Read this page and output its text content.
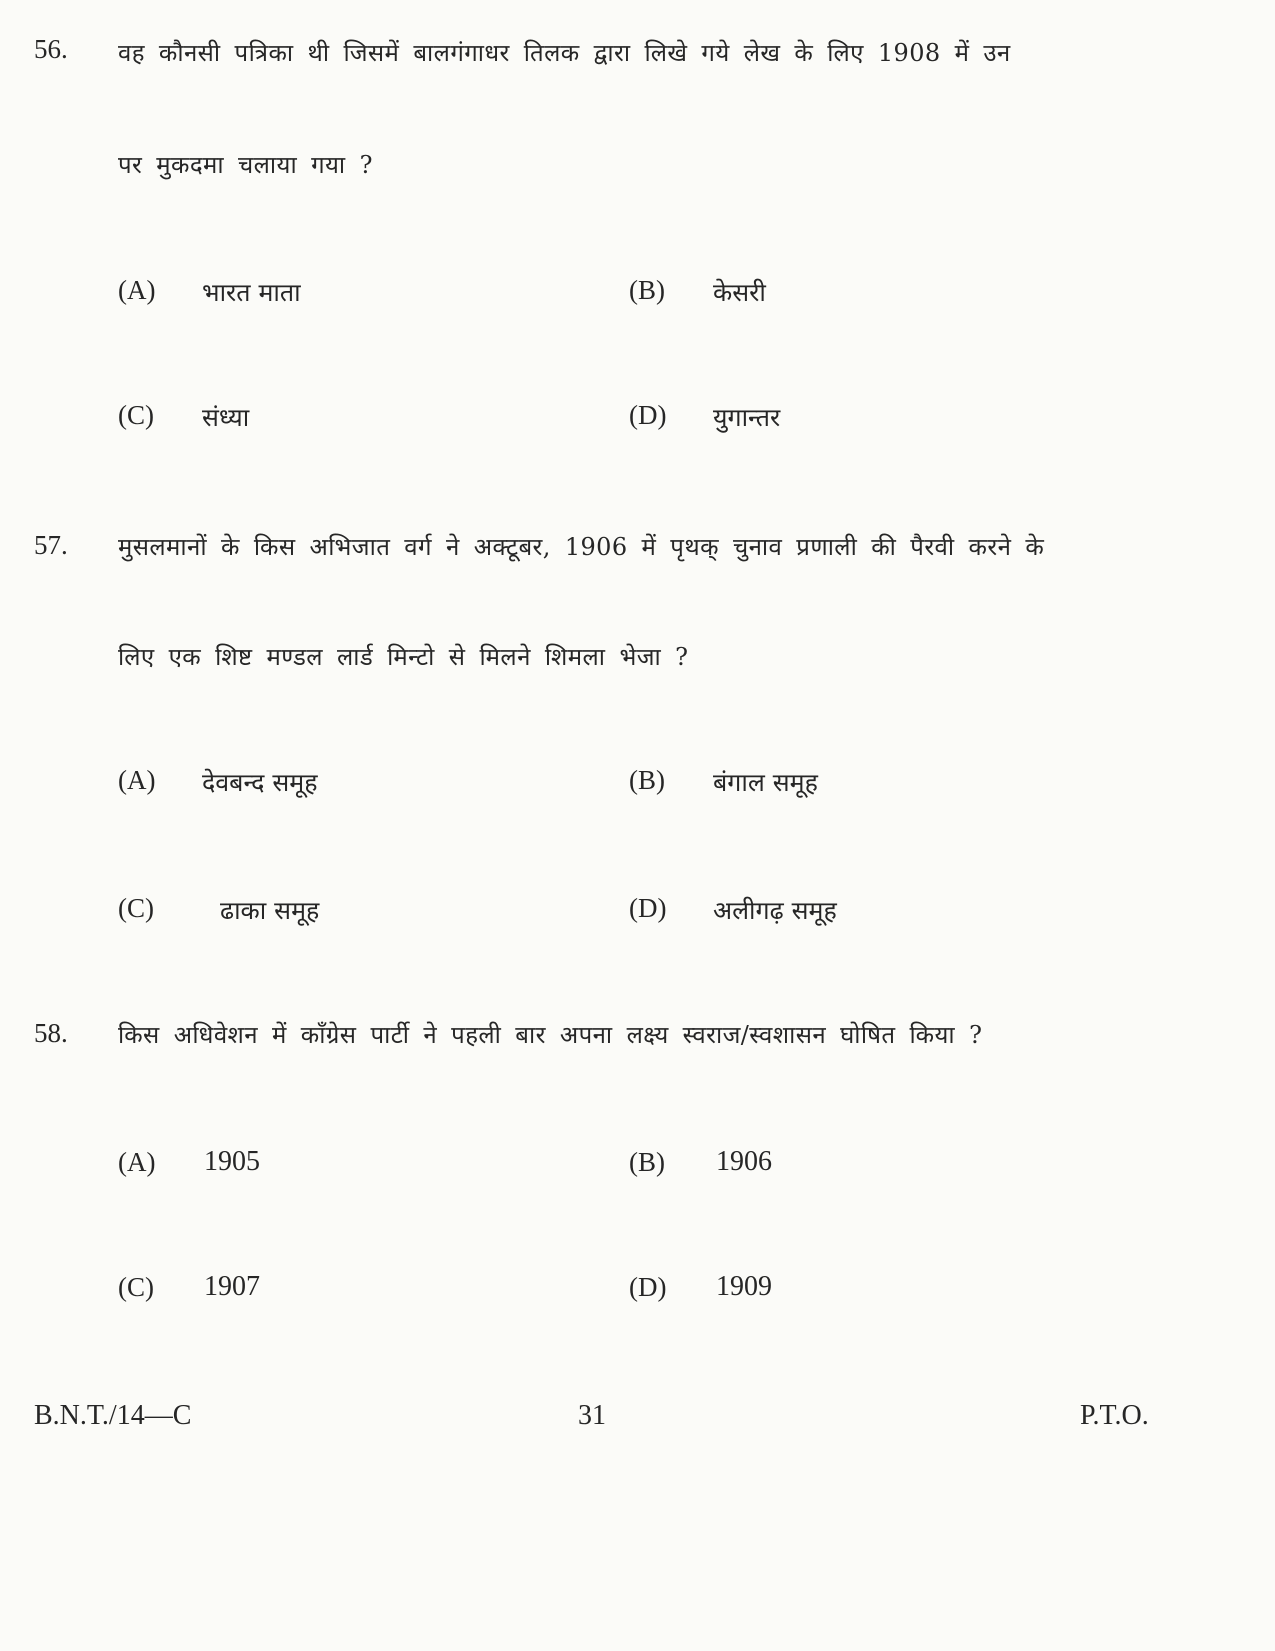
56. वह कौनसी पत्रिका थी जिसमें बालगंगाधर तिलक द्वारा लिखे गये लेख के लिए 1908 में उन
पर मुकदमा चलाया गया ?
(A) भारत माता	(B) केसरी
(C) संध्या	(D) युगान्तर
57. मुसलमानों के किस अभिजात वर्ग ने अक्टूबर, 1906 में पृथक् चुनाव प्रणाली की पैरवी करने के
लिए एक शिष्ट मण्डल लार्ड मिन्टो से मिलने शिमला भेजा ?
(A) देवबन्द समूह	(B) बंगाल समूह
(C)	ढाका समूह	(D) अलीगढ़ समूह
58. किस अधिवेशन में काँग्रेस पार्टी ने पहली बार अपना लक्ष्य स्वराज/स्वशासन घोषित किया ?
(A) 1905	(B) 1906
(C) 1907	(D) 1909
B.N.T./14—C	31	P.T.O.
